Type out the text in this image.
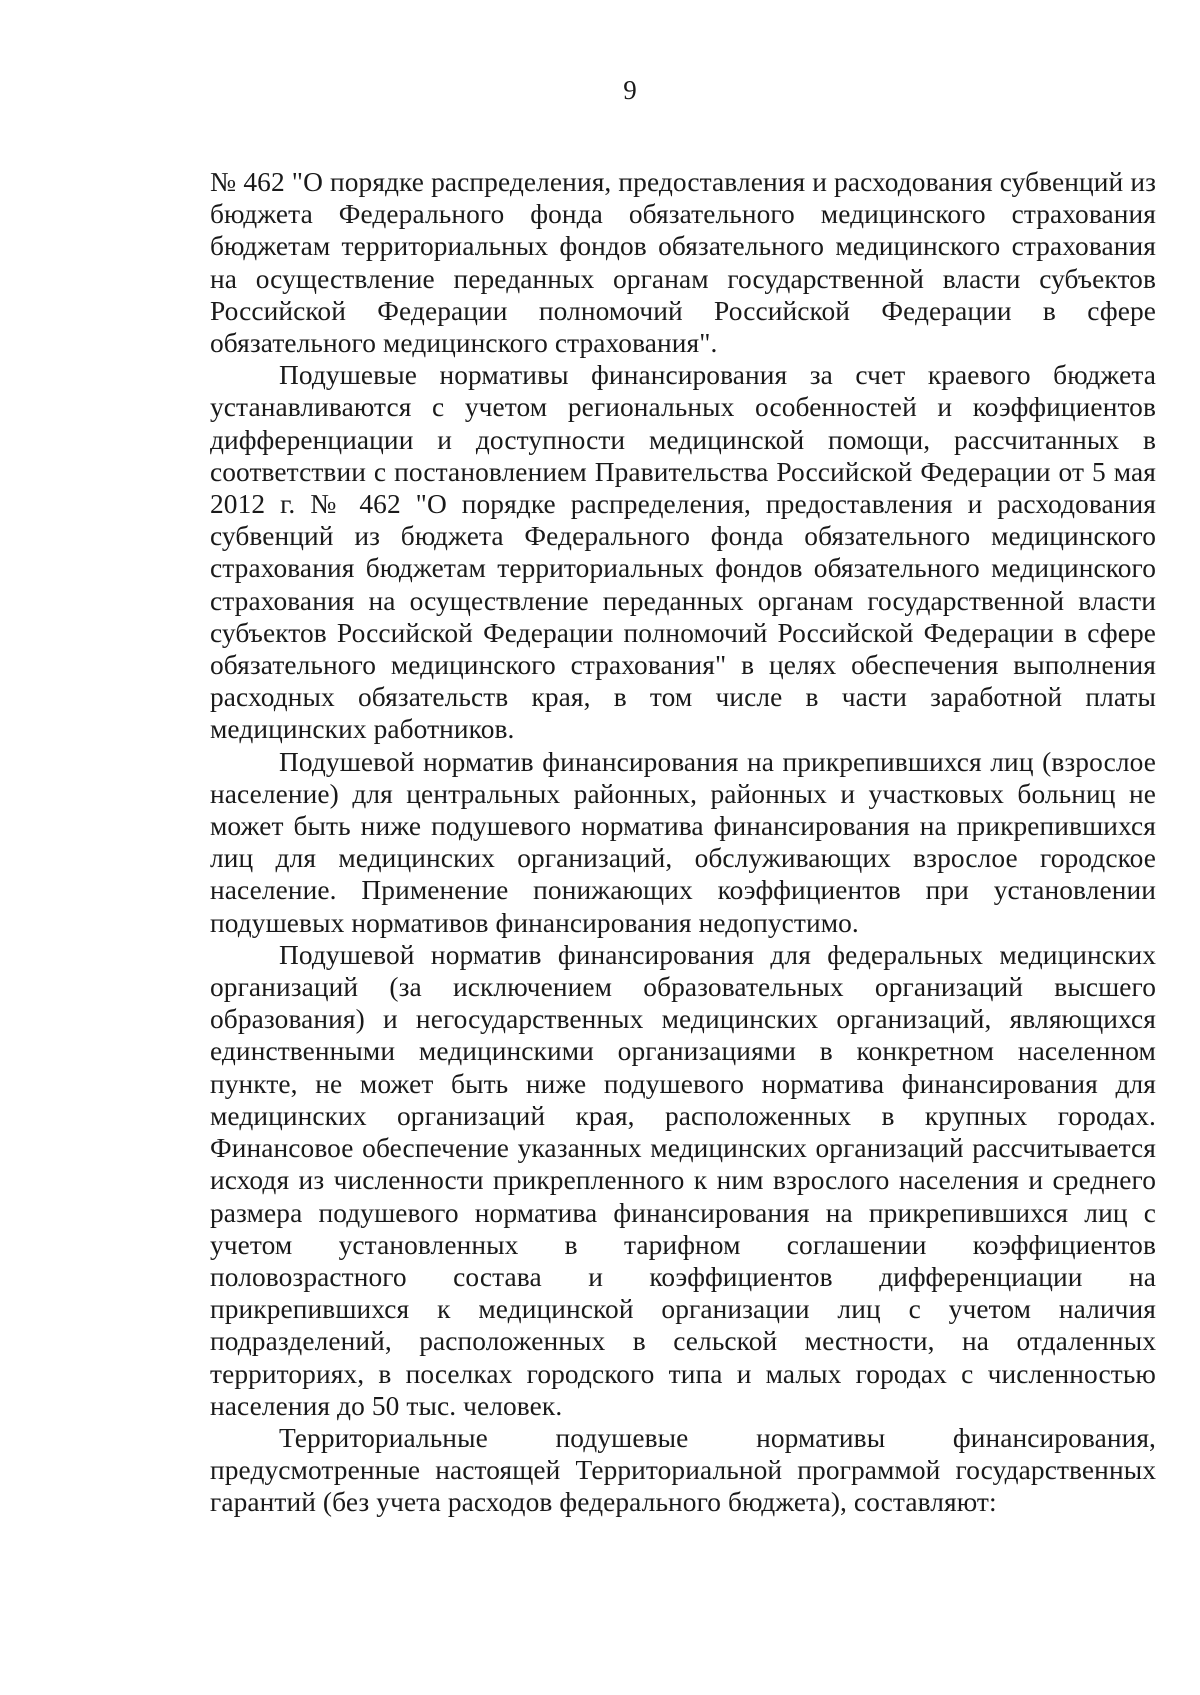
9

№ 462 "О порядке распределения, предоставления и расходования субвенций из бюджета Федерального фонда обязательного медицинского страхования бюджетам территориальных фондов обязательного медицинского страхования на осуществление переданных органам государственной власти субъектов Российской Федерации полномочий Российской Федерации в сфере обязательного медицинского страхования".

Подушевые нормативы финансирования за счет краевого бюджета устанавливаются с учетом региональных особенностей и коэффициентов дифференциации и доступности медицинской помощи, рассчитанных в соответствии с постановлением Правительства Российской Федерации от 5 мая 2012 г. № 462 "О порядке распределения, предоставления и расходования субвенций из бюджета Федерального фонда обязательного медицинского страхования бюджетам территориальных фондов обязательного медицинского страхования на осуществление переданных органам государственной власти субъектов Российской Федерации полномочий Российской Федерации в сфере обязательного медицинского страхования" в целях обеспечения выполнения расходных обязательств края, в том числе в части заработной платы медицинских работников.

Подушевой норматив финансирования на прикрепившихся лиц (взрослое население) для центральных районных, районных и участковых больниц не может быть ниже подушевого норматива финансирования на прикрепившихся лиц для медицинских организаций, обслуживающих взрослое городское население. Применение понижающих коэффициентов при установлении подушевых нормативов финансирования недопустимо.

Подушевой норматив финансирования для федеральных медицинских организаций (за исключением образовательных организаций высшего образования) и негосударственных медицинских организаций, являющихся единственными медицинскими организациями в конкретном населенном пункте, не может быть ниже подушевого норматива финансирования для медицинских организаций края, расположенных в крупных городах. Финансовое обеспечение указанных медицинских организаций рассчитывается исходя из численности прикрепленного к ним взрослого населения и среднего размера подушевого норматива финансирования на прикрепившихся лиц с учетом установленных в тарифном соглашении коэффициентов половозрастного состава и коэффициентов дифференциации на прикрепившихся к медицинской организации лиц с учетом наличия подразделений, расположенных в сельской местности, на отдаленных территориях, в поселках городского типа и малых городах с численностью населения до 50 тыс. человек.

Территориальные подушевые нормативы финансирования, предусмотренные настоящей Территориальной программой государственных гарантий (без учета расходов федерального бюджета), составляют:
